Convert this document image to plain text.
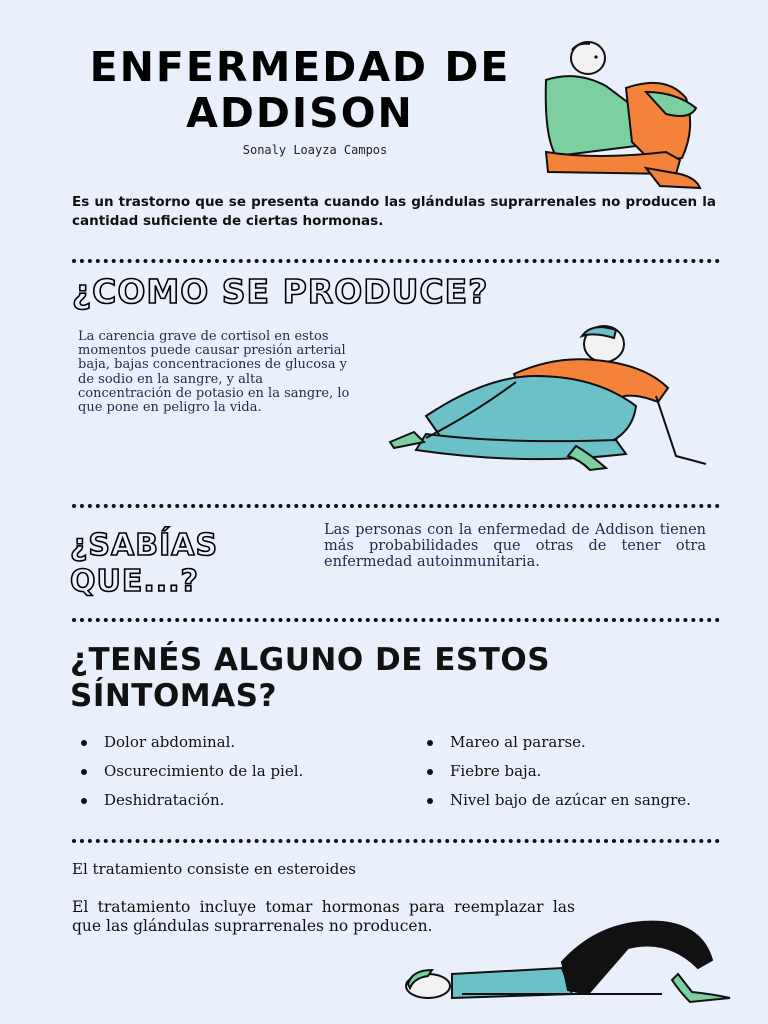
ENFERMEDAD DE ADDISON
Sonaly Loayza Campos
Es un trastorno que se presenta cuando las glándulas suprarrenales no producen la cantidad suficiente de ciertas hormonas.
¿COMO SE PRODUCE?
La carencia grave de cortisol en estos momentos puede causar presión arterial baja, bajas concentraciones de glucosa y de sodio en la sangre, y alta concentración de potasio en la sangre, lo que pone en peligro la vida.
¿SABÍAS QUE...?
Las personas con la enfermedad de Addison tienen más probabilidades que otras de tener otra enfermedad autoinmunitaria.
¿TENÉS ALGUNO DE ESTOS SÍNTOMAS?
Dolor abdominal.
Oscurecimiento de la piel.
Deshidratación.
Mareo al pararse.
Fiebre baja.
Nivel bajo de azúcar en sangre.
El tratamiento consiste en esteroides
El tratamiento incluye tomar hormonas para reemplazar las que las glándulas suprarrenales no producen.
